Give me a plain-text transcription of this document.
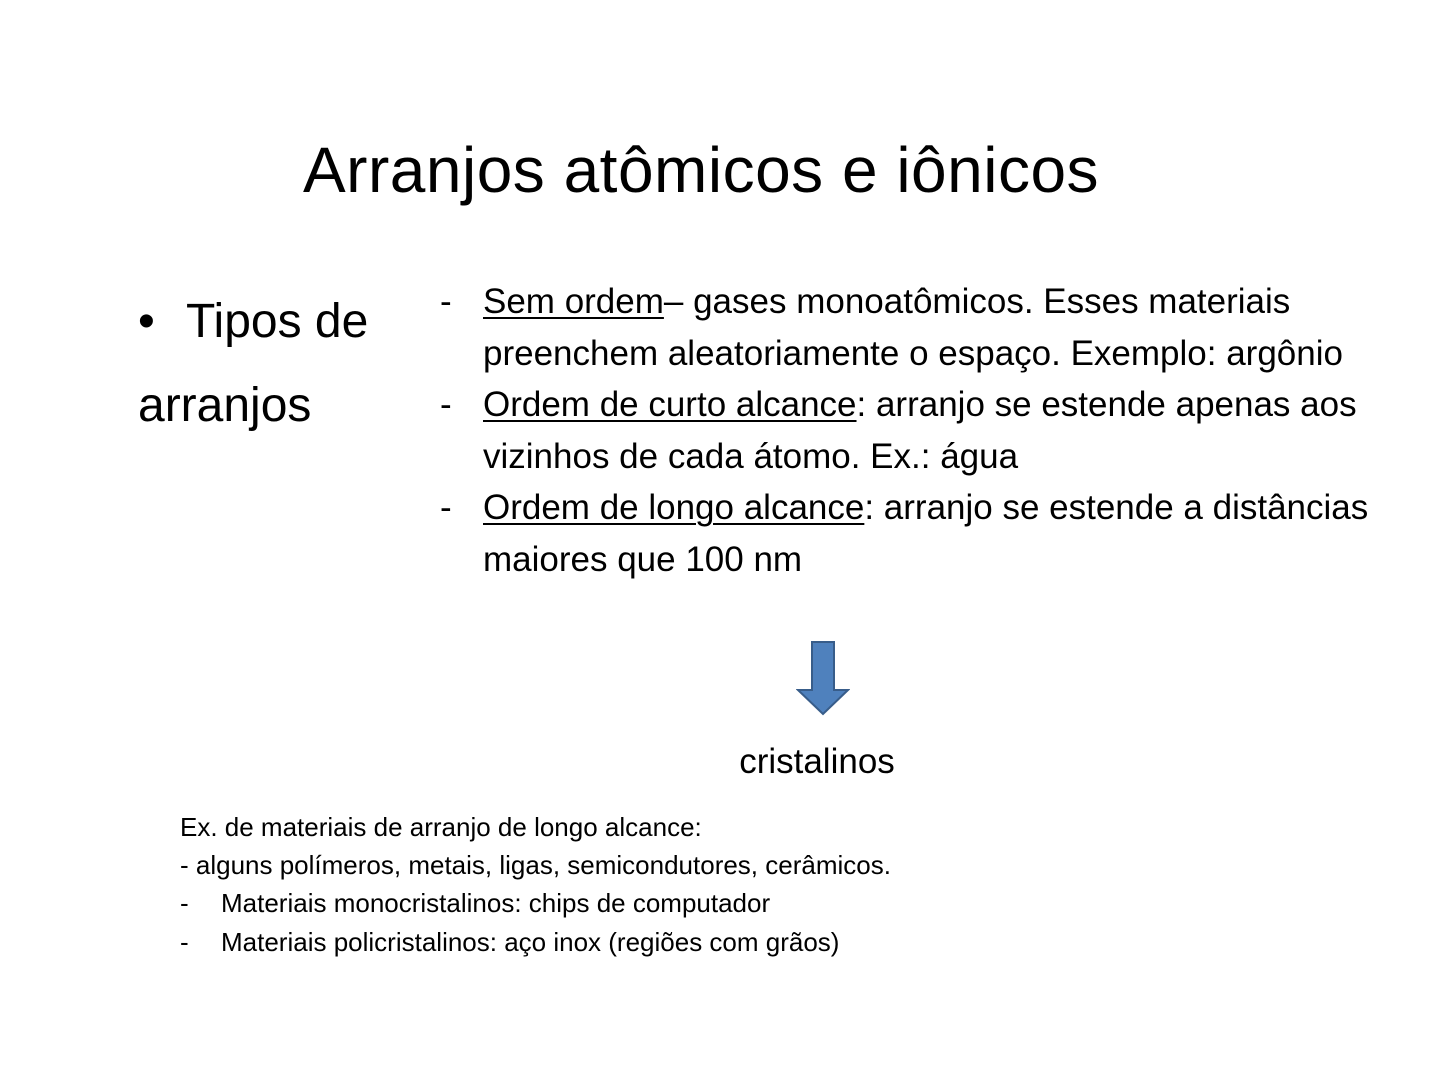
Arranjos atômicos e iônicos
• Tipos de
arranjos
- Sem ordem– gases monoatômicos. Esses materiais preenchem aleatoriamente o espaço. Exemplo: argônio
- Ordem de curto alcance: arranjo se estende apenas aos vizinhos de cada átomo. Ex.: água
- Ordem de longo alcance: arranjo se estende a distâncias maiores que 100 nm
cristalinos
Ex. de materiais de arranjo de longo alcance:
- alguns polímeros, metais, ligas, semicondutores, cerâmicos.
- Materiais monocristalinos: chips de computador
- Materiais policristalinos: aço inox (regiões com grãos)
